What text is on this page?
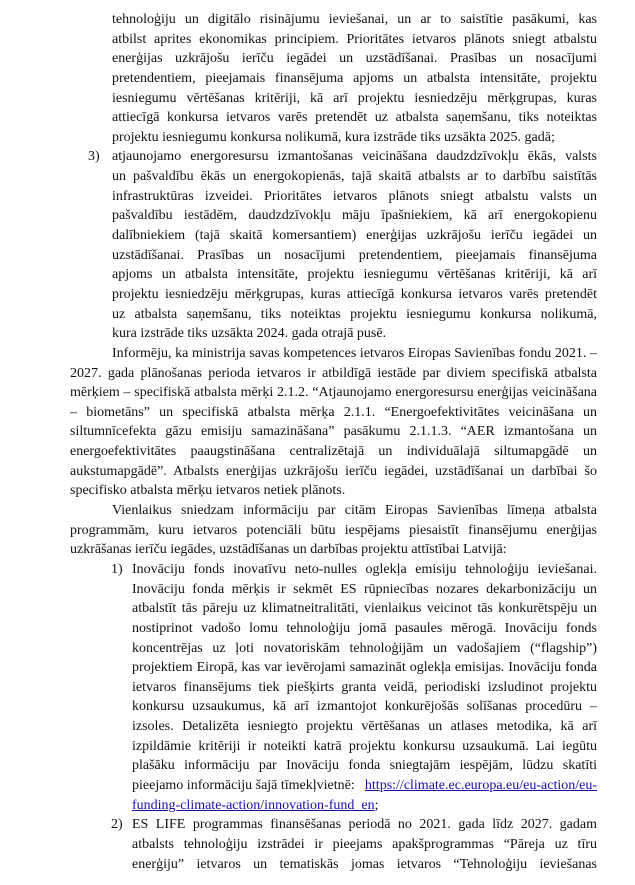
tehnoloģiju un digitālo risinājumu ieviešanai, un ar to saistītie pasākumi, kas
atbilst aprites ekonomikas principiem. Prioritātes ietvaros plānots sniegt atbalstu
enerģijas uzkrājošu ierīču iegādei un uzstādīšanai. Prasības un nosacījumi
pretendentiem, pieejamais finansējuma apjoms un atbalsta intensitāte, projektu
iesniegumu vērtēšanas kritēriji, kā arī projektu iesniedzēju mērķgrupas, kuras
attiecīgā konkursa ietvaros varēs pretendēt uz atbalsta saņemšanu, tiks noteiktas
projektu iesniegumu konkursa nolikumā, kura izstrāde tiks uzsākta 2025. gadā;
3) atjaunojamo energoresursu izmantošanas veicināšana daudzdzīvokļu ēkās, valsts
un pašvaldību ēkās un energokopienās, tajā skaitā atbalsts ar to darbību saistītās
infrastruktūras izveidei. Prioritātes ietvaros plānots sniegt atbalstu valsts un
pašvaldību iestādēm, daudzdzīvokļu māju īpašniekiem, kā arī energokopienu
dalībniekiem (tajā skaitā komersantiem) enerģijas uzkrājošu ierīču iegādei un
uzstādīšanai. Prasības un nosacījumi pretendentiem, pieejamais finansējuma
apjoms un atbalsta intensitāte, projektu iesniegumu vērtēšanas kritēriji, kā arī
projektu iesniedzēju mērķgrupas, kuras attiecīgā konkursa ietvaros varēs pretendēt
uz atbalsta saņemšanu, tiks noteiktas projektu iesniegumu konkursa nolikumā,
kura izstrāde tiks uzsākta 2024. gada otrajā pusē.
Informēju, ka ministrija savas kompetences ietvaros Eiropas Savienības fondu 2021. –
2027. gada plānošanas perioda ietvaros ir atbildīgā iestāde par diviem specifiskā atbalsta
mērķiem – specifiskā atbalsta mērķi 2.1.2. “Atjaunojamo energoresursu enerģijas veicināšana
– biometāns” un specifiskā atbalsta mērķa 2.1.1. “Energoefektivitātes veicināšana un
siltumnīcefekta gāzu emisiju samazināšana” pasākumu 2.1.1.3. “AER izmantošana un
energoefektivitātes paaugstināšana centralizētajā un individuālajā siltumapgādē un
aukstumapgādē”. Atbalsts enerģijas uzkrājošu ierīču iegādei, uzstādīšanai un darbībai šo
specifisko atbalsta mērķu ietvaros netiek plānots.
Vienlaikus sniedzam informāciju par citām Eiropas Savienības līmeņa atbalsta
programmām, kuru ietvaros potenciāli būtu iespējams piesaistīt finansējumu enerģijas
uzkrāšanas ierīču iegādes, uzstādīšanas un darbības projektu attīstībai Latvijā:
1) Inovāciju fonds inovatīvu neto-nulles oglekļa emisiju tehnoloģiju ieviešanai.
Inovāciju fonda mērķis ir sekmēt ES rūpniecības nozares dekarbonizāciju un
atbalstīt tās pāreju uz klimatneitralitāti, vienlaikus veicinot tās konkurētspēju un
nostiprinot vadošo lomu tehnoloģiju jomā pasaules mērogā. Inovāciju fonds
koncentrējas uz ļoti novatoriskām tehnoloģijām un vadošajiem (“flagship”)
projektiem Eiropā, kas var ievērojami samazināt oglekļa emisijas. Inovāciju fonda
ietvaros finansējums tiek piešķirts granta veidā, periodiski izsludinot projektu
konkursu uzsaukumus, kā arī izmantojot konkurējošās solīšanas procedūru –
izsoles. Detalizēta iesniegto projektu vērtēšanas un atlases metodika, kā arī
izpildāmie kritēriji ir noteikti katrā projektu konkursu uzsaukumā. Lai iegūtu
plašāku informāciju par Inovāciju fonda sniegtajām iespējām, lūdzu skatīti
pieejamo informāciju šajā tīmekļvietnē: https://climate.ec.europa.eu/eu-action/eu-
funding-climate-action/innovation-fund_en;
2) ES LIFE programmas finansēšanas periodā no 2021. gada līdz 2027. gadam
atbalsts tehnoloģiju izstrādei ir pieejams apakšprogrammas “Pāreja uz tīru
enerģiju” ietvaros un tematiskās jomas ietvaros “Tehnoloģiju ieviešanas
